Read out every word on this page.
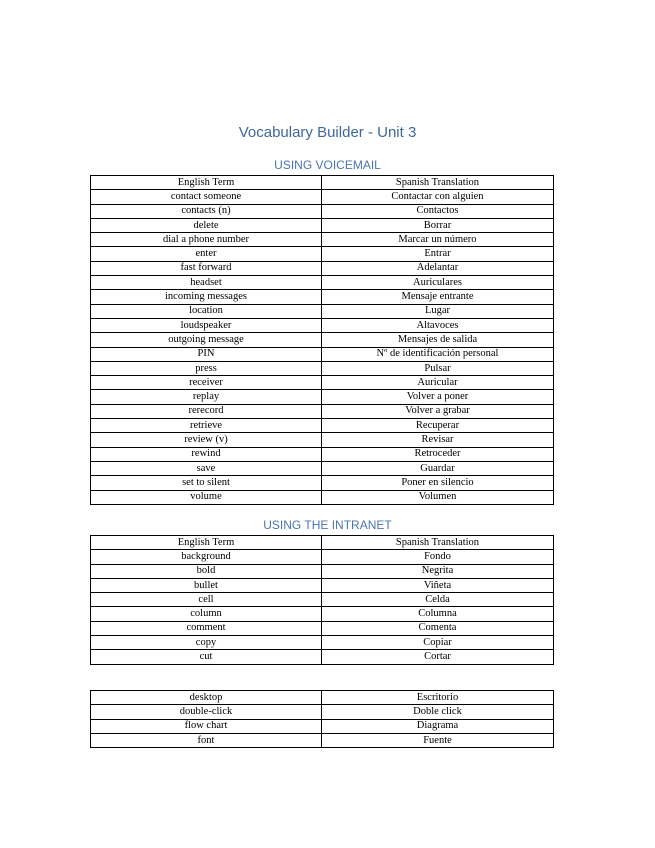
Vocabulary Builder - Unit 3
USING VOICEMAIL
English Term	Spanish Translation
contact someone	Contactar con alguien
contacts (n)	Contactos
delete	Borrar
dial a phone number	Marcar un número
enter	Entrar
fast forward	Adelantar
headset	Auriculares
incoming messages	Mensaje entrante
location	Lugar
loudspeaker	Altavoces
outgoing message	Mensajes de salida
PIN	Nº de identificación personal
press	Pulsar
receiver	Auricular
replay	Volver a poner
rerecord	Volver a grabar
retrieve	Recuperar
review (v)	Revisar
rewind	Retroceder
save	Guardar
set to silent	Poner en silencio
volume	Volumen
USING THE INTRANET
English Term	Spanish Translation
background	Fondo
bold	Negrita
bullet	Viñeta
cell	Celda
column	Columna
comment	Comenta
copy	Copiar
cut	Cortar
desktop	Escritorio
double-click	Doble click
flow chart	Diagrama
font	Fuente
